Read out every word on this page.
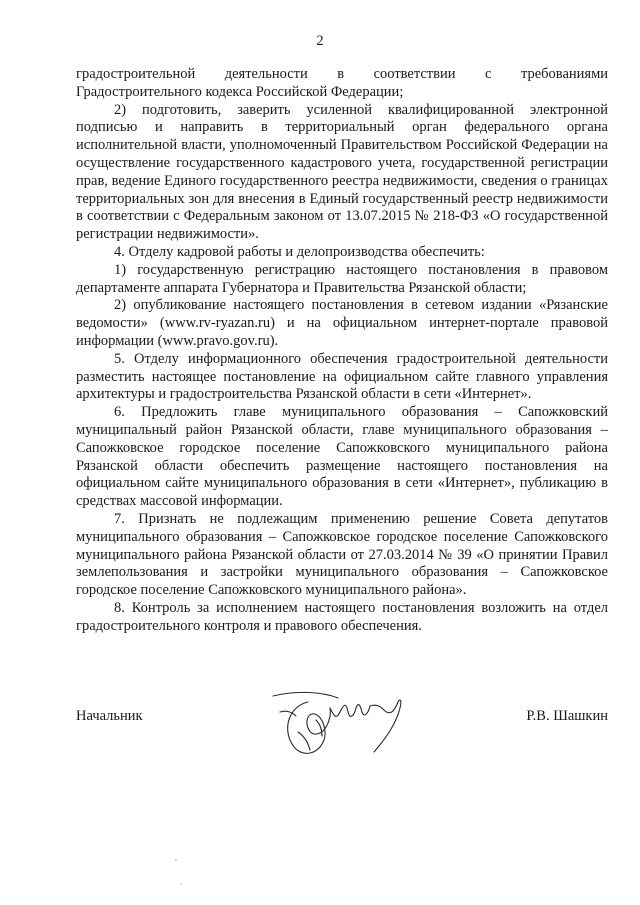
2

градостроительной деятельности в соответствии с требованиями Градостроительного кодекса Российской Федерации;

2) подготовить, заверить усиленной квалифицированной электронной подписью и направить в территориальный орган федерального органа исполнительной власти, уполномоченный Правительством Российской Федерации на осуществление государственного кадастрового учета, государственной регистрации прав, ведение Единого государственного реестра недвижимости, сведения о границах территориальных зон для внесения в Единый государственный реестр недвижимости в соответствии с Федеральным законом от 13.07.2015 № 218-ФЗ «О государственной регистрации недвижимости».

4. Отделу кадровой работы и делопроизводства обеспечить:

1) государственную регистрацию настоящего постановления в правовом департаменте аппарата Губернатора и Правительства Рязанской области;

2) опубликование настоящего постановления в сетевом издании «Рязанские ведомости» (www.rv-ryazan.ru) и на официальном интернет-портале правовой информации (www.pravo.gov.ru).

5. Отделу информационного обеспечения градостроительной деятельности разместить настоящее постановление на официальном сайте главного управления архитектуры и градостроительства Рязанской области в сети «Интернет».

6. Предложить главе муниципального образования – Сапожковский муниципальный район Рязанской области, главе муниципального образования – Сапожковское городское поселение Сапожковского муниципального района Рязанской области обеспечить размещение настоящего постановления на официальном сайте муниципального образования в сети «Интернет», публикацию в средствах массовой информации.

7. Признать не подлежащим применению решение Совета депутатов муниципального образования – Сапожковское городское поселение Сапожковского муниципального района Рязанской области от 27.03.2014 № 39 «О принятии Правил землепользования и застройки муниципального образования – Сапожковское городское поселение Сапожковского муниципального района».

8. Контроль за исполнением настоящего постановления возложить на отдел градостроительного контроля и правового обеспечения.

Начальник	Р.В. Шашкин
